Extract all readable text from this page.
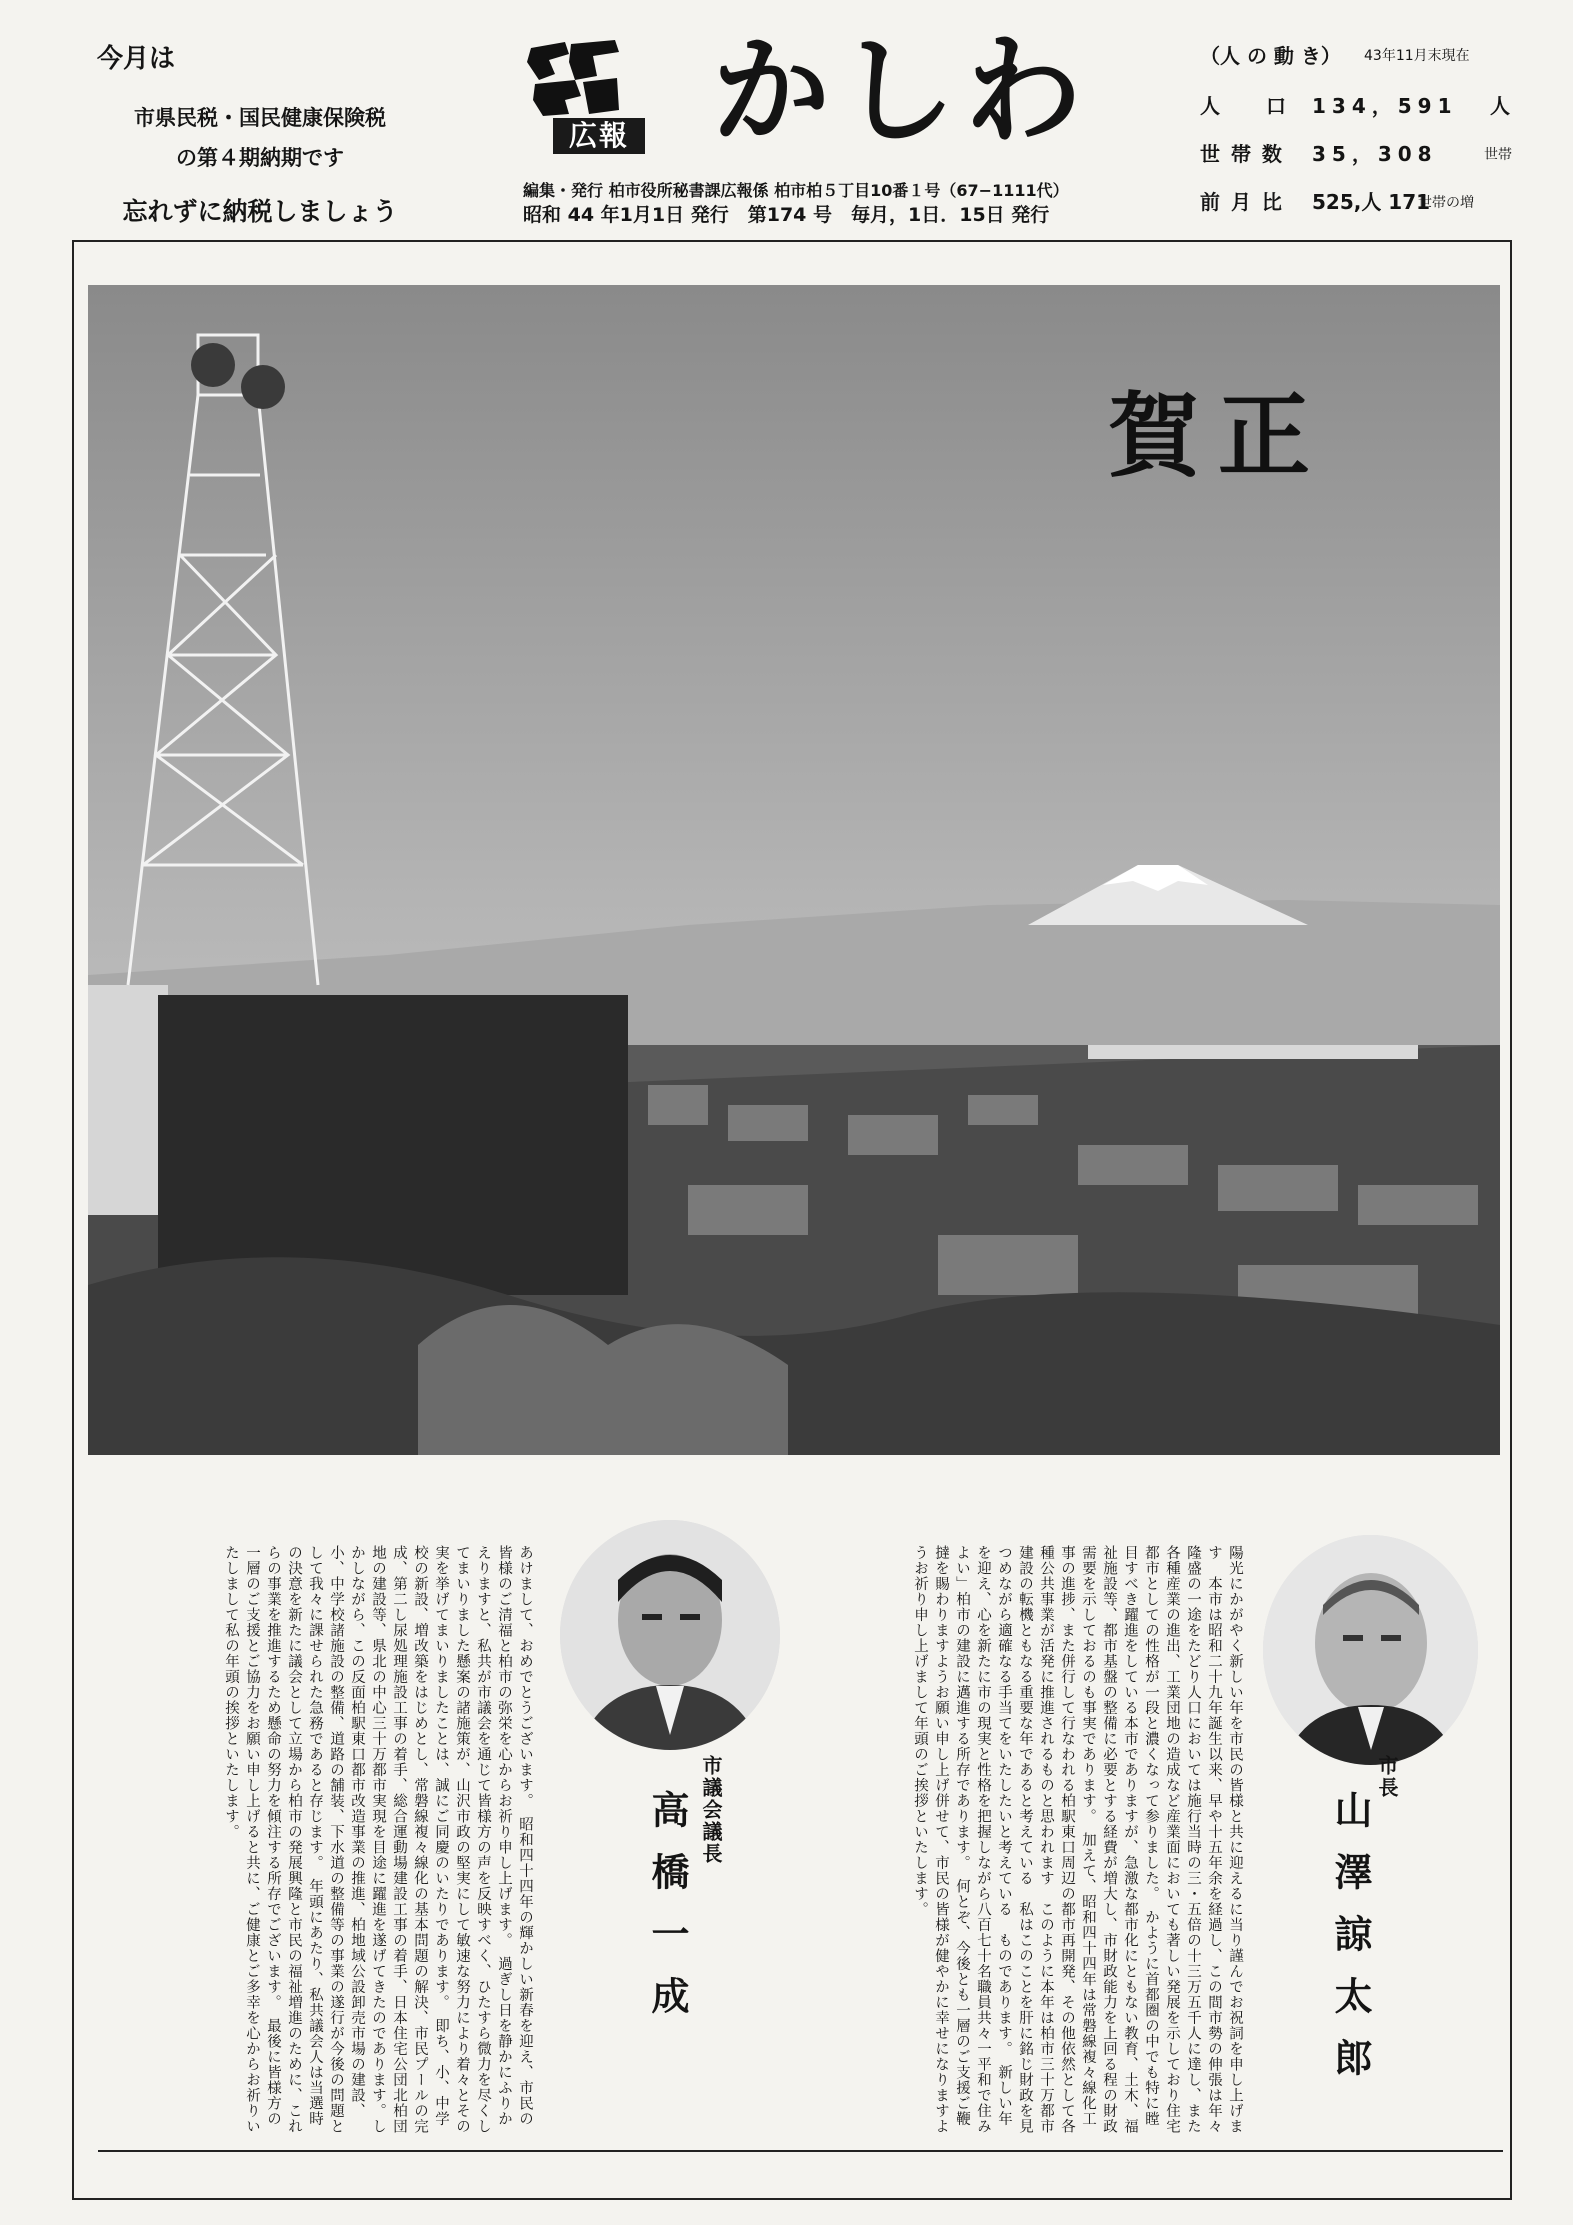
今月は
市県民税・国民健康保険税
の第４期納期です
忘れずに納税しましょう
広報 かしわ
編集・発行 柏市役所秘書課広報係 柏市柏５丁目10番１号（67−1111代）
昭和 44 年1月1日 発行　第174 号　毎月，1日．15日 発行
（人 の 動 き） 43年11月末現在
人　　口 134，591 人
世 帯 数 35，308	世帯
前 月 比 525,人 171
世帯の増
賀正
市長
山澤諒太郎

陽光にかがやく新しい年を市民の皆様と共に迎えるに当り謹んでお祝詞を申し上げます　本市は昭和二十九年誕生以来、早や十五年余を経過し、この間市勢の伸張は年々隆盛の一途をたどり人口においては施行当時の三・五倍の十三万五千人に達し、また各種産業の進出、工業団地の造成など産業面においても著しい発展を示しており住宅都市としての性格が一段と濃くなって参りました。　かように首都圏の中でも特に瞠目すべき躍進をしている本市でありますが、急激な都市化にともない教育、土木、福祉施設等、都市基盤の整備に必要とする経費が増大し、市財政能力を上回る程の財政需要を示しておるのも事実であります。　加えて、昭和四十四年は常磐線複々線化工事の進捗、また併行して行なわれる柏駅東口周辺の都市再開発、その他依然として各種公共事業が活発に推進されるものと思われます　このように本年は柏市三十万都市建設の転機ともなる重要な年であると考えている　私はこのことを肝に銘じ財政を見つめながら適確なる手当てをいたしたいと考えている　ものであります。　新しい年を迎え、心を新たに市の現実と性格を把握しながら八百七十名職員共々一平和で住みよい」柏市の建設に邁進する所存であります。　何とぞ、今後とも一層のご支援ご鞭撻を賜わりますようお願い申し上げ併せて、市民の皆様が健やかに幸せになりますようお祈り申し上げまして年頭のご挨拶といたします。

市議会議長
高橋一成

あけまして、おめでとうございます。　昭和四十四年の輝かしい新春を迎え、市民の皆様のご清福と柏市の弥栄を心からお祈り申し上げます。　過ぎし日を静かにふりかえりますと、私共が市議会を通じて皆様方の声を反映すべく、ひたすら微力を尽くしてまいりました懸案の諸施策が、山沢市政の堅実にして敏速な努力により着々とその実を挙げてまいりましたことは、誠にご同慶のいたりであります。　即ち、小、中学校の新設、増改築をはじめとし、常磐線複々線化の基本問題の解決、市民プールの完成、第二し尿処理施設工事の着手、総合運動場建設工事の着手、日本住宅公団北柏団地の建設等、県北の中心三十万都市実現を目途に躍進を遂げてきたのであります。しかしながら、この反面柏駅東口都市改造事業の推進、柏地域公設卸売市場の建設、小、中学校諸施設の整備、道路の舗装、下水道の整備等の事業の遂行が今後の問題として我々に課せられた急務であると存じます。　年頭にあたり、私共議会人は当選時の決意を新たに議会として立場から柏市の発展興隆と市民の福祉増進のために、これらの事業を推進するため懸命の努力を傾注する所存でございます。　最後に皆様方の一層のご支援とご協力をお願い申し上げると共に、ご健康とご多幸を心からお祈りいたしまして私の年頭の挨拶といたします。
